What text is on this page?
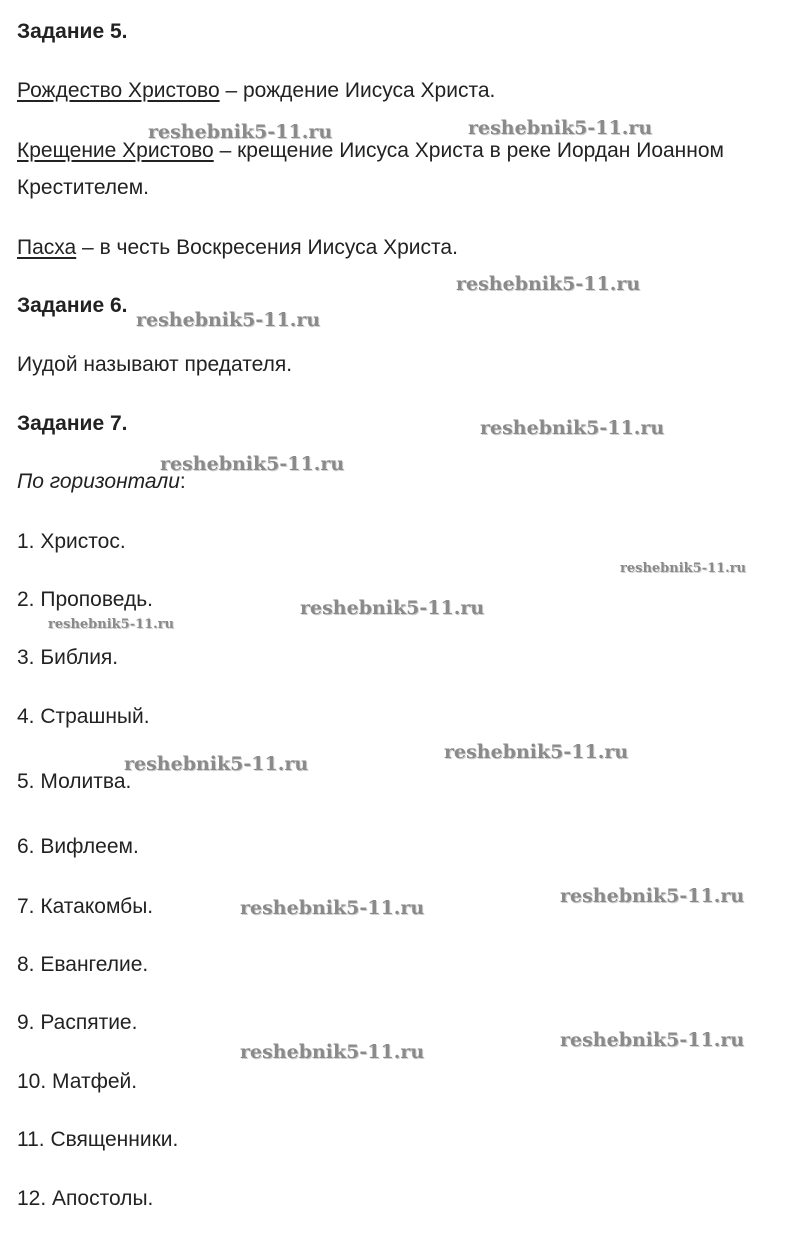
Задание 5.
Рождество Христово – рождение Иисуса Христа.
Крещение Христово – крещение Иисуса Христа в реке Иордан Иоанном
Крестителем.
Пасха – в честь Воскресения Иисуса Христа.
Задание 6.
Иудой называют предателя.
Задание 7.
По горизонтали:
1. Христос.
2. Проповедь.
3. Библия.
4. Страшный.
5. Молитва.
6. Вифлеем.
7. Катакомбы.
8. Евангелие.
9. Распятие.
10. Матфей.
11. Священники.
12. Апостолы.
reshebnik5-11.ru	reshebnik5-11.ru
reshebnik5-11.ru
reshebnik5-11.ru
reshebnik5-11.ru
reshebnik5-11.ru
reshebnik5-11.ru
reshebnik5-11.ru
reshebnik5-11.ru
reshebnik5-11.ru
reshebnik5-11.ru
reshebnik5-11.ru
reshebnik5-11.ru
reshebnik5-11.ru
reshebnik5-11.ru
